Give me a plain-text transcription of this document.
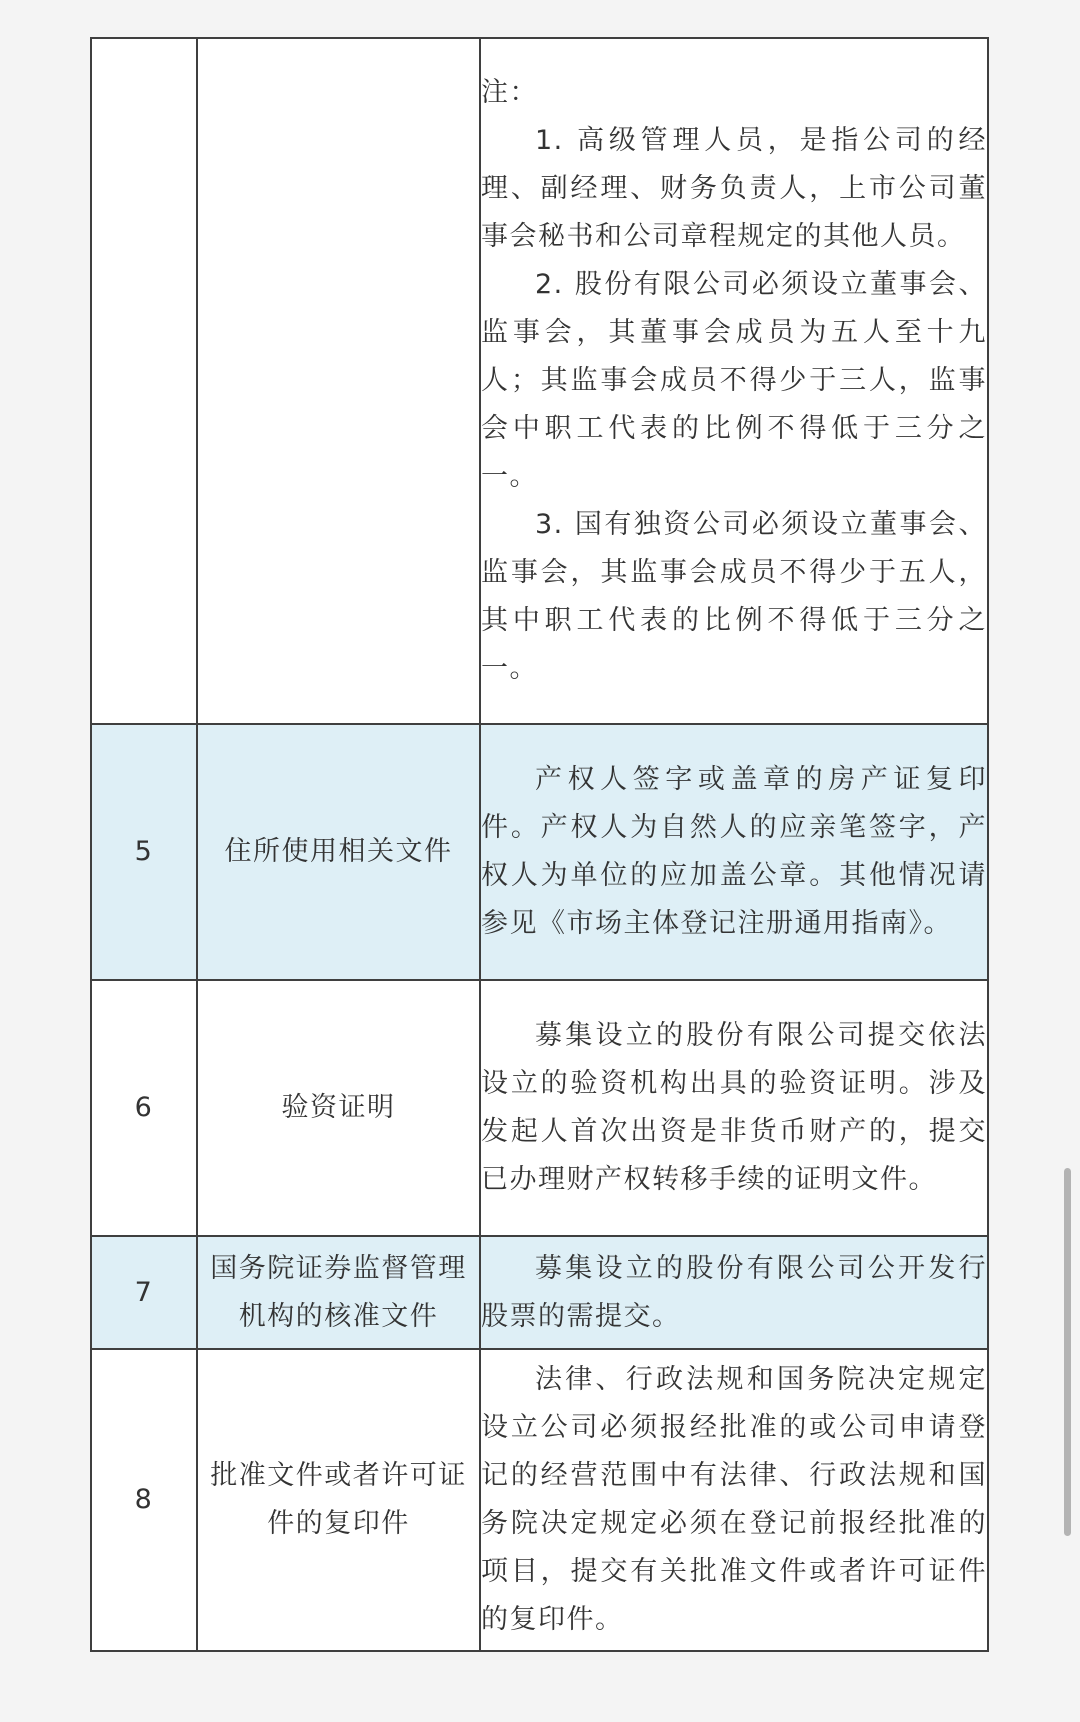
		注：

1. 高级管理人员，是指公司的经理、副经理、财务负责人，上市公司董事会秘书和公司章程规定的其他人员。

2. 股份有限公司必须设立董事会、监事会，其董事会成员为五人至十九人；其监事会成员不得少于三人，监事会中职工代表的比例不得低于三分之一。

3. 国有独资公司必须设立董事会、监事会，其监事会成员不得少于五人，其中职工代表的比例不得低于三分之一。

5	住所使用相关文件	产权人签字或盖章的房产证复印件。产权人为自然人的应亲笔签字，产权人为单位的应加盖公章。其他情况请参见《市场主体登记注册通用指南》。

6	验资证明	募集设立的股份有限公司提交依法设立的验资机构出具的验资证明。涉及发起人首次出资是非货币财产的，提交已办理财产权转移手续的证明文件。

7	国务院证券监督管理机构的核准文件	募集设立的股份有限公司公开发行股票的需提交。

8	批准文件或者许可证件的复印件	法律、行政法规和国务院决定规定设立公司必须报经批准的或公司申请登记的经营范围中有法律、行政法规和国务院决定规定必须在登记前报经批准的项目，提交有关批准文件或者许可证件的复印件。
